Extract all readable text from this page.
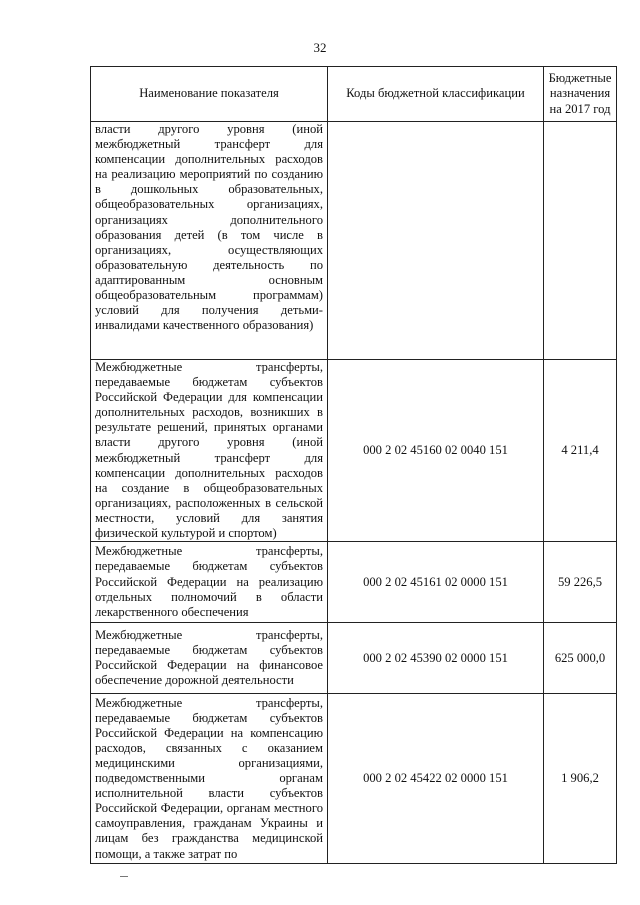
32
Наименование показателя	Коды бюджетной классификации	Бюджетные
назначения
на 2017 год

власти другого уровня (иной межбюджетный трансферт для компенсации дополнительных расходов на реализацию мероприятий по созданию в дошкольных образовательных, общеобразовательных организациях, организациях дополнительного образования детей (в том числе в организациях, осуществляющих образовательную деятельность по адаптированным основным общеобразовательным программам) условий для получения детьми-инвалидами качественного образования)		

Межбюджетные трансферты, передаваемые бюджетам субъектов Российской Федерации для компенсации дополнительных расходов, возникших в результате решений, принятых органами власти другого уровня (иной межбюджетный трансферт для компенсации дополнительных расходов на создание в общеобразовательных организациях, расположенных в сельской местности, условий для занятия физической культурой и спортом)	000 2 02 45160 02 0040 151	4 211,4

Межбюджетные трансферты, передаваемые бюджетам субъектов Российской Федерации на реализацию отдельных полномочий в области лекарственного обеспечения	000 2 02 45161 02 0000 151	59 226,5

Межбюджетные трансферты, передаваемые бюджетам субъектов Российской Федерации на финансовое обеспечение дорожной деятельности	000 2 02 45390 02 0000 151	625 000,0

Межбюджетные трансферты, передаваемые бюджетам субъектов Российской Федерации на компенсацию расходов, связанных с оказанием медицинскими организациями, подведомственными органам исполнительной власти субъектов Российской Федерации, органам местного самоуправления, гражданам Украины и лицам без гражданства медицинской помощи, а также затрат по	000 2 02 45422 02 0000 151	1 906,2
